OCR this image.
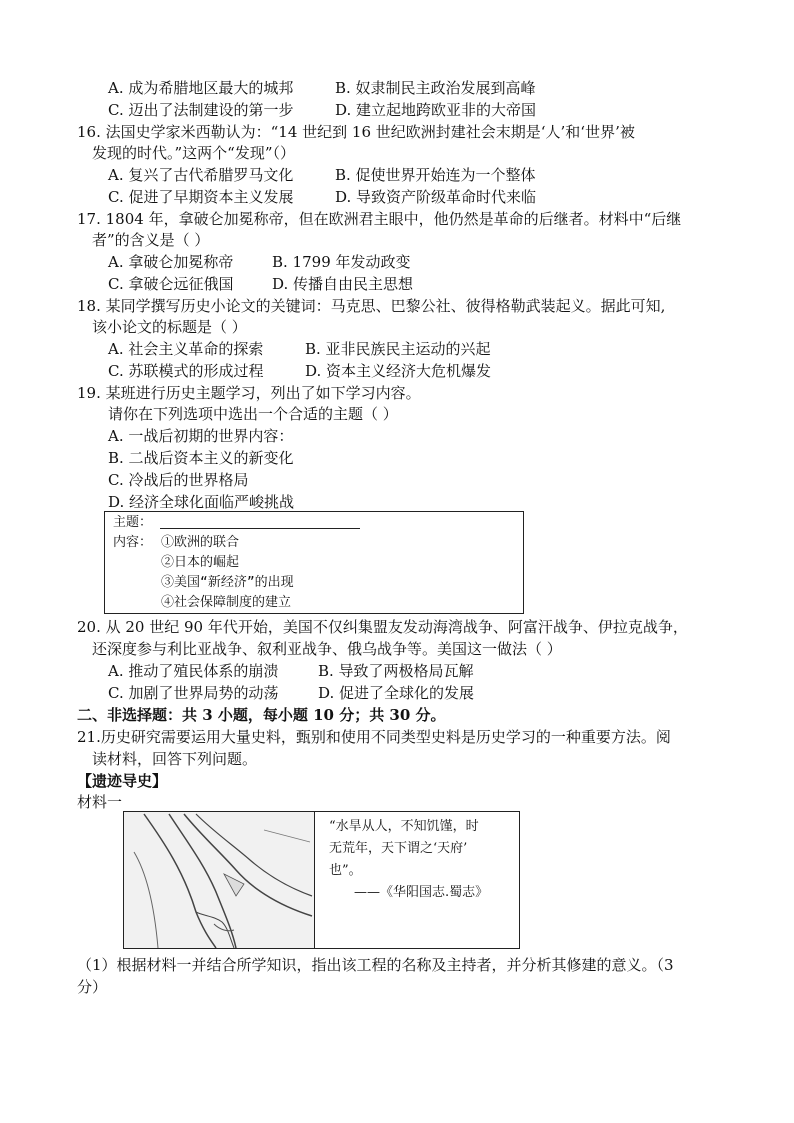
A. 成为希腊地区最大的城邦	B. 奴隶制民主政治发展到高峰
C. 迈出了法制建设的第一步	D. 建立起地跨欧亚非的大帝国
16. 法国史学家米西勒认为：“14 世纪到 16 世纪欧洲封建社会末期是‘人’和‘世界’被
发现的时代。”这两个“发现”（）
A. 复兴了古代希腊罗马文化	B. 促使世界开始连为一个整体
C. 促进了早期资本主义发展	D. 导致资产阶级革命时代来临
17. 1804 年，拿破仑加冕称帝，但在欧洲君主眼中，他仍然是革命的后继者。材料中“后继
者”的含义是（ ）
A. 拿破仑加冕称帝	B. 1799 年发动政变
C. 拿破仑远征俄国	D. 传播自由民主思想
18. 某同学撰写历史小论文的关键词：马克思、巴黎公社、彼得格勒武装起义。据此可知,
该小论文的标题是（ ）
A. 社会主义革命的探索	B. 亚非民族民主运动的兴起
C. 苏联模式的形成过程	D. 资本主义经济大危机爆发
19. 某班进行历史主题学习，列出了如下学习内容。
请你在下列选项中选出一个合适的主题（ ）
A. 一战后初期的世界内容：
B. 二战后资本主义的新变化
C. 冷战后的世界格局
D. 经济全球化面临严峻挑战
主题：
内容： ①欧洲的联合
②日本的崛起
③美国“新经济”的出现
④社会保障制度的建立
20. 从 20 世纪 90 年代开始，美国不仅纠集盟友发动海湾战争、阿富汗战争、伊拉克战争，
还深度参与利比亚战争、叙利亚战争、俄乌战争等。美国这一做法（ ）
A. 推动了殖民体系的崩溃	B. 导致了两极格局瓦解
C. 加剧了世界局势的动荡	D. 促进了全球化的发展
二、非选择题：共 3 小题，每小题 10 分；共 30 分。
21.历史研究需要运用大量史料，甄别和使用不同类型史料是历史学习的一种重要方法。阅
读材料，回答下列问题。
【遗迹导史】
材料一
“水旱从人，不知饥馑，时
无荒年，天下谓之‘天府’
也”。
——《华阳国志.蜀志》
（1）根据材料一并结合所学知识，指出该工程的名称及主持者，并分析其修建的意义。（3
分）
